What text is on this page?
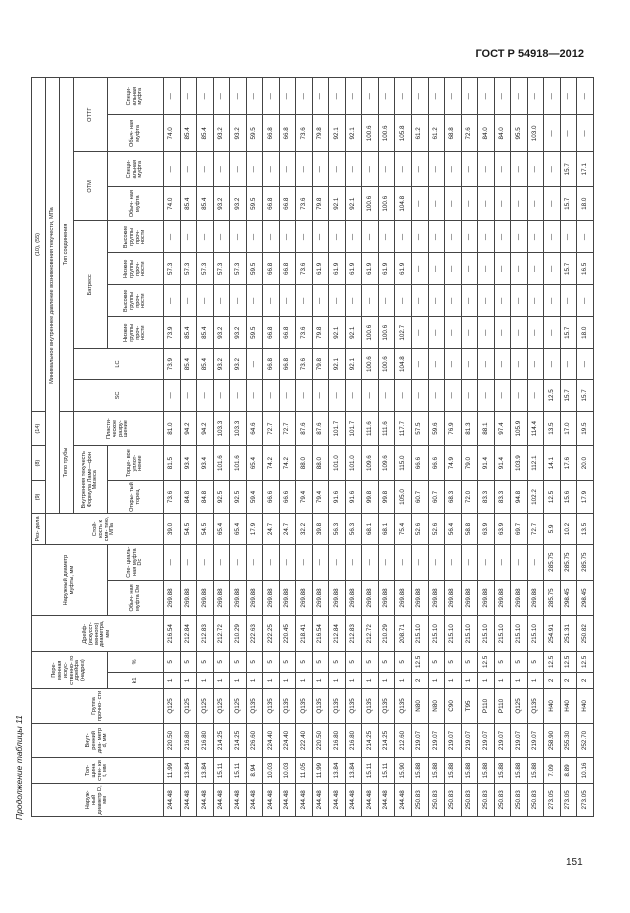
ГОСТ Р 54918—2012
Продолжение таблицы 11	Наруж- ный диаметр D, мм	Тол- щина стен- ки t, мм	Внут- ренний диа- метр d, мм	Группа прочно- сти	Пере- менная искус- ственно- го дрейфа (надрез)		Дрейф- (искусст- венного) диаметра, мм	Наружный диаметр муфты, мм		Рез- дела	(9)	(8)	(14)	(10), (55)									
									Стой- кость к смя- тию, МПа	Минимальное внутреннее давление возникновения текучести, МПа												
										Тело трубы			Тип соединения									
										Внутренняя текучесть Формула Ламе—фон Мизеса		Пласти- ческое разру- шение	SC	LC	Батресс				ОТМ		ОТТГ	
				k1	%		Обыч- ная муфта Dм	Спе- циаль- ная муфта Dс		Откры- тый торец	Торце- вое уплот- нение				Низкие группы проч- ности	Высокие группы проч- ности	Низкие группы проч- ности	Высокие группы проч- ности	Обыч- ная муфта	Специ- альная муфта	Обыч- ная муфта	Специ- альная муфта
244.48	11.99	220.50	Q125	1	5	216.54	269.88	—	39.0	73.6	81.5	81.0	—	73.9	73.9	—	57.3	—	74.0	—	74.0	—
244.48	13.84	216.80	Q125	1	5	212.84	269.88	—	54.5	84.8	93.4	94.2	—	85.4	85.4	—	57.3	—	85.4	—	85.4	—
244.48	13.84	216.80	Q125	1	5	212.83	269.88	—	54.5	84.8	93.4	94.2	—	85.4	85.4	—	57.3	—	85.4	—	85.4	—
244.48	15.11	214.25	Q125	1	5	212.72	269.88	—	65.4	92.5	101.6	103.3	—	93.2	93.2	—	57.3	—	93.2	—	93.2	—
244.48	15.11	214.25	Q125	1	5	210.29	269.88	—	65.4	92.5	101.6	103.3	—	93.2	93.2	—	57.3	—	93.2	—	93.2	—
244.48	8.94	226.60	Q135	1	5	222.63	269.88	—	17.9	59.4	65.4	64.6	—	—	59.5	—	59.5	—	59.5	—	59.5	—
244.48	10.03	224.40	Q135	1	5	222.25	269.88	—	24.7	66.6	74.2	72.7	—	66.8	66.8	—	66.8	—	66.8	—	66.8	—
244.48	10.03	224.40	Q135	1	5	220.45	269.88	—	24.7	66.6	74.2	72.7	—	66.8	66.8	—	66.8	—	66.8	—	66.8	—
244.48	11.05	222.40	Q135	1	5	218.41	269.88	—	32.2	79.4	88.0	87.6	—	73.6	73.6	—	73.6	—	73.6	—	73.6	—
244.48	11.99	220.50	Q135	1	5	216.54	269.88	—	39.8	79.4	88.0	87.6	—	79.8	79.8	—	61.9	—	79.8	—	79.8	—
244.48	13.84	216.80	Q135	1	5	212.84	269.88	—	56.3	91.6	101.0	101.7	—	92.1	92.1	—	61.9	—	92.1	—	92.1	—
244.48	13.84	216.80	Q135	1	5	212.83	269.88	—	56.3	91.6	101.0	101.7	—	92.1	92.1	—	61.9	—	92.1	—	92.1	—
244.48	15.11	214.25	Q135	1	5	212.72	269.88	—	68.1	99.8	109.6	111.6	—	100.6	100.6	—	61.9	—	100.6	—	100.6	—
244.48	15.11	214.25	Q135	1	5	210.29	269.88	—	68.1	99.8	109.6	111.6	—	100.6	100.6	—	61.9	—	100.6	—	100.6	—
244.48	15.90	212.60	Q135	1	5	208.71	269.88	—	75.4	105.0	115.0	117.7	—	104.8	102.7	—	61.9	—	104.8	—	105.8	—
250.83	15.88	219.07	N80	2	12.5	215.10	269.88	—	52.6	60.7	66.6	57.5	—	—	—	—	—	—	—	—	61.2	—
250.83	15.88	219.07	N80	1	5	215.10	269.88	—	52.6	60.7	66.6	59.6	—	—	—	—	—	—	—	—	61.2	—
250.83	15.88	219.07	C90	1	5	215.10	269.88	—	56.4	68.3	74.9	76.9	—	—	—	—	—	—	—	—	68.8	—
250.83	15.88	219.07	T95	1	5	215.10	269.88	—	58.8	72.0	79.0	81.3	—	—	—	—	—	—	—	—	72.6	—
250.83	15.88	219.07	P110	1	12.5	215.10	269.88	—	63.9	83.3	91.4	88.1	—	—	—	—	—	—	—	—	84.0	—
250.83	15.88	219.07	P110	1	5	215.10	269.88	—	63.9	83.3	91.4	97.4	—	—	—	—	—	—	—	—	84.0	—
250.83	15.88	219.07	Q125	1	5	215.10	269.88	—	69.7	94.8	103.9	105.9	—	—	—	—	—	—	—	—	95.5	—
250.83	15.88	219.07	Q135	1	5	215.10	269.88	—	72.7	102.2	112.1	114.4	—	—	—	—	—	—	—	—	103.0	—
273.05	7.09	258.90	H40	2	12.5	254.91	285.75	285.75	5.9	12.5	14.1	13.5	12.5	—	—	—	—	—	—	—	—	—
273.05	8.89	255.30	H40	2	12.5	251.31	298.45	285.75	10.2	15.6	17.6	17.0	15.7	—	15.7	—	15.7	—	15.7	15.7	—	—
273.05	10.16	252.70	H40	2	12.5	250.82	298.45	285.75	13.5	17.9	20.0	19.5	15.7	—	18.0	—	16.5	—	18.0	17.1	—	—
151
